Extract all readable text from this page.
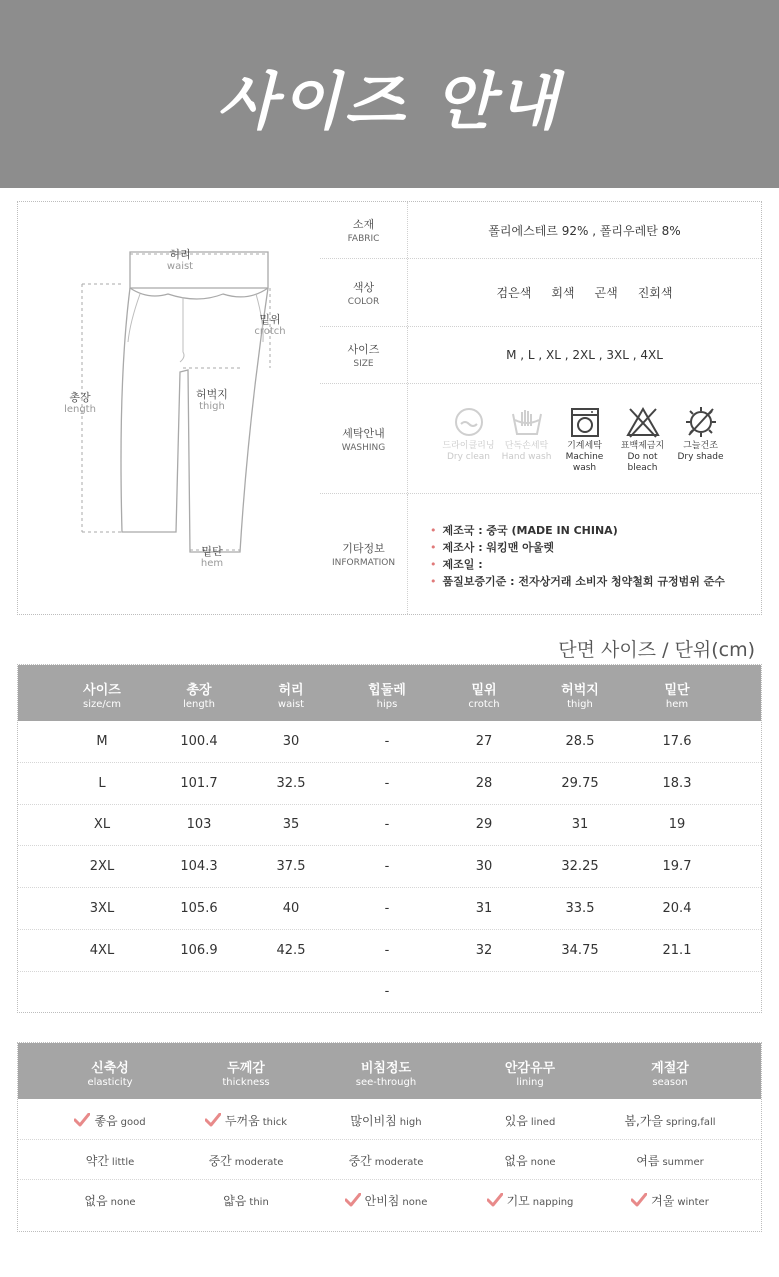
사이즈 안내
허리
waist
밑위
crotch
총장
length
허벅지
thigh
밑단
hem
소재
FABRIC
폴리에스테르 92% , 폴리우레탄 8%
색상
COLOR
검은색 회색 곤색 진회색
사이즈
SIZE
M , L , XL , 2XL , 3XL , 4XL
세탁안내
WASHING	드라이클리닝
Dry clean
단독손세탁
Hand wash
기계세탁
Machine wash
표백제금지
Do not bleach
그늘건조
Dry shade
기타정보
INFORMATION
• 제조국 : 중국 (MADE IN CHINA)
• 제조사 : 워킹맨 아울렛
• 제조일 :
• 품질보증기준 : 전자상거래 소비자 청약철회 규정범위 준수
단면 사이즈 / 단위(cm)
사이즈
size/cm
총장
length
허리
waist
힙둘레
hips
밑위
crotch
허벅지
thigh
밑단
hem
M	100.4	30	-	27	28.5	17.6
L	101.7	32.5	-	28	29.75	18.3
XL	103	35	-	29	31	19
2XL	104.3	37.5	-	30	32.25	19.7
3XL	105.6	40	-	31	33.5	20.4
4XL	106.9	42.5	-	32	34.75	21.1
-
신축성
elasticity
두께감
thickness
비침정도
see-through
안감유무
lining
계절감
season
좋음 good	두꺼움 thick	많이비침 high	있음 lined	봄,가을 spring,fall
약간 little	중간 moderate	중간 moderate	없음 none	여름 summer
없음 none	얇음 thin	안비침 none	기모 napping	겨울 winter
